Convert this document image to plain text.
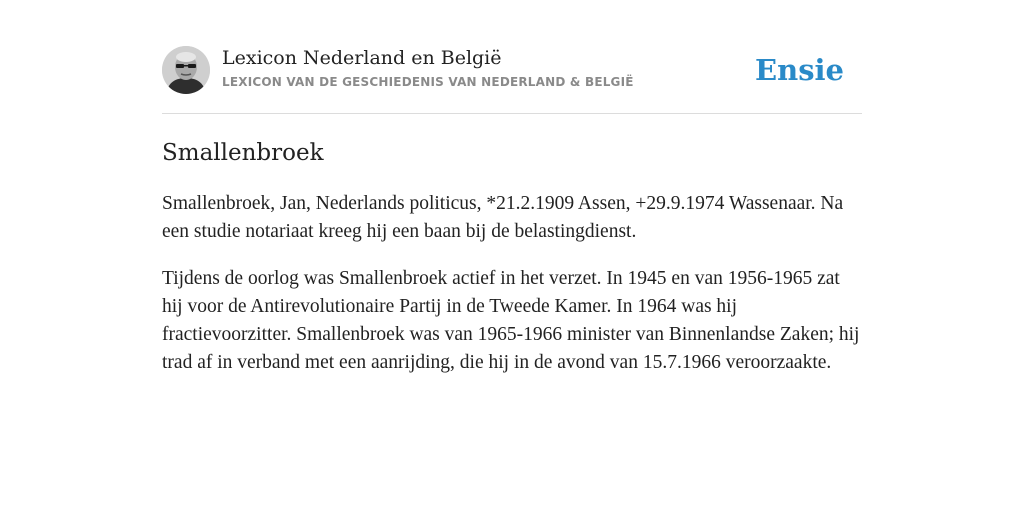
Lexicon Nederland en België
LEXICON VAN DE GESCHIEDENIS VAN NEDERLAND & BELGIË	Ensie
Smallenbroek

Smallenbroek, Jan, Nederlands politicus, *21.2.1909 Assen, +29.9.1974 Wassenaar. Na een studie notariaat kreeg hij een baan bij de belastingdienst.

Tijdens de oorlog was Smallenbroek actief in het verzet. In 1945 en van 1956-1965 zat hij voor de Antirevolutionaire Partij in de Tweede Kamer. In 1964 was hij fractievoorzitter. Smallenbroek was van 1965-1966 minister van Binnenlandse Zaken; hij trad af in verband met een aanrijding, die hij in de avond van 15.7.1966 veroorzaakte.
